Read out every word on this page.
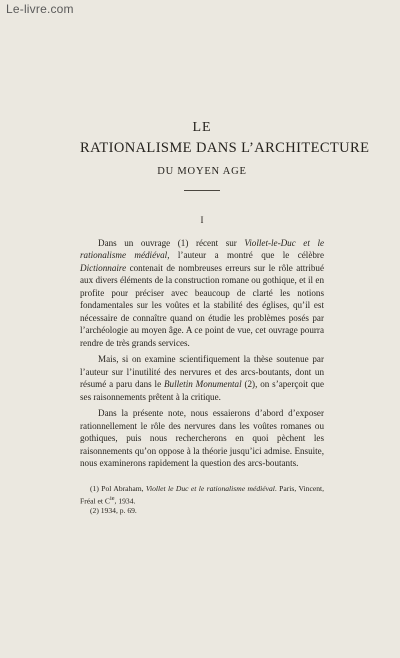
Le-livre.com
LE
RATIONALISME DANS L’ARCHITECTURE
DU MOYEN AGE
I

Dans un ouvrage (1) récent sur Viollet-le-Duc et le rationalisme médiéval, l’auteur a montré que le célèbre Dictionnaire contenait de nombreuses erreurs sur le rôle attribué aux divers éléments de la construction romane ou gothique, et il en profite pour préciser avec beaucoup de clarté les notions fondamentales sur les voûtes et la stabilité des églises, qu’il est nécessaire de connaître quand on étudie les problèmes posés par l’archéologie au moyen âge. A ce point de vue, cet ouvrage pourra rendre de très grands services.

Mais, si on examine scientifiquement la thèse soutenue par l’auteur sur l’inutilité des nervures et des arcs-boutants, dont un résumé a paru dans le Bulletin Monumental (2), on s’aperçoit que ses raisonnements prêtent à la critique.

Dans la présente note, nous essaierons d’abord d’exposer rationnellement le rôle des nervures dans les voûtes romanes ou gothiques, puis nous rechercherons en quoi pèchent les raisonnements qu’on oppose à la théorie jusqu’ici admise. Ensuite, nous examinerons rapidement la question des arcs-boutants.

(1) Pol Abraham, Viollet le Duc et le rationalisme médiéval. Paris, Vincent, Fréal et $C^{ie}$, 1934.

(2) 1934, p. 69.
